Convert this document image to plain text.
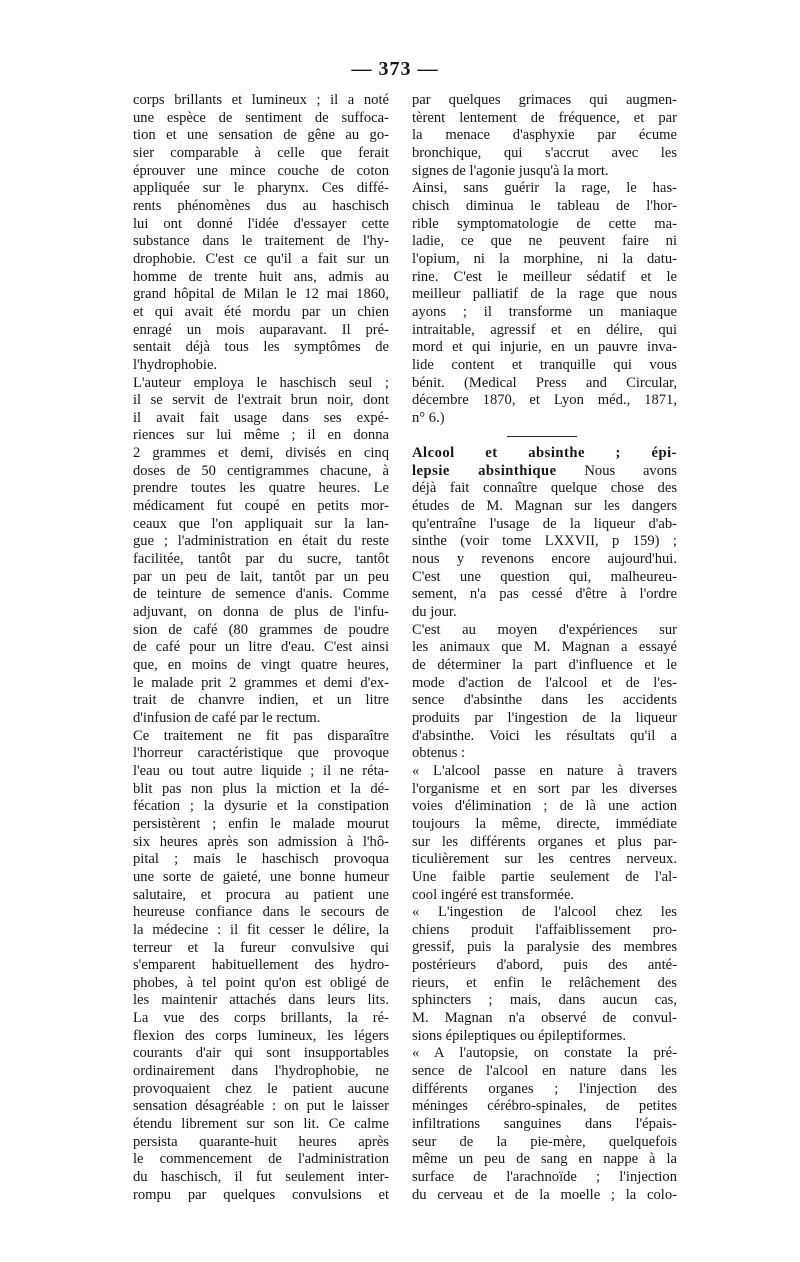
— 373 —
corps brillants et lumineux ; il a noté
une espèce de sentiment de suffoca-
tion et une sensation de gêne au go-
sier comparable à celle que ferait
éprouver une mince couche de coton
appliquée sur le pharynx. Ces diffé-
rents phénomènes dus au haschisch
lui ont donné l'idée d'essayer cette
substance dans le traitement de l'hy-
drophobie. C'est ce qu'il a fait sur un
homme de trente huit ans, admis au
grand hôpital de Milan le 12 mai 1860,
et qui avait été mordu par un chien
enragé un mois auparavant. Il pré-
sentait déjà tous les symptômes de
l'hydrophobie.
L'auteur employa le haschisch seul ;
il se servit de l'extrait brun noir, dont
il avait fait usage dans ses expé-
riences sur lui même ; il en donna
2 grammes et demi, divisés en cinq
doses de 50 centigrammes chacune, à
prendre toutes les quatre heures. Le
médicament fut coupé en petits mor-
ceaux que l'on appliquait sur la lan-
gue ; l'administration en était du reste
facilitée, tantôt par du sucre, tantôt
par un peu de lait, tantôt par un peu
de teinture de semence d'anis. Comme
adjuvant, on donna de plus de l'infu-
sion de café (80 grammes de poudre
de café pour un litre d'eau. C'est ainsi
que, en moins de vingt quatre heures,
le malade prit 2 grammes et demi d'ex-
trait de chanvre indien, et un litre
d'infusion de café par le rectum.
Ce traitement ne fit pas disparaître
l'horreur caractéristique que provoque
l'eau ou tout autre liquide ; il ne réta-
blit pas non plus la miction et la dé-
fécation ; la dysurie et la constipation
persistèrent ; enfin le malade mourut
six heures après son admission à l'hô-
pital ; mais le haschisch provoqua
une sorte de gaieté, une bonne humeur
salutaire, et procura au patient une
heureuse confiance dans le secours de
la médecine : il fit cesser le délire, la
terreur et la fureur convulsive qui
s'emparent habituellement des hydro-
phobes, à tel point qu'on est obligé de
les maintenir attachés dans leurs lits.
La vue des corps brillants, la ré-
flexion des corps lumineux, les légers
courants d'air qui sont insupportables
ordinairement dans l'hydrophobie, ne
provoquaient chez le patient aucune
sensation désagréable : on put le laisser
étendu librement sur son lit. Ce calme
persista quarante-huit heures après
le commencement de l'administration
du haschisch, il fut seulement inter-
rompu par quelques convulsions et
par quelques grimaces qui augmen-
tèrent lentement de fréquence, et par
la menace d'asphyxie par écume
bronchique, qui s'accrut avec les
signes de l'agonie jusqu'à la mort.
Ainsi, sans guérir la rage, le has-
chisch diminua le tableau de l'hor-
rible symptomatologie de cette ma-
ladie, ce que ne peuvent faire ni
l'opium, ni la morphine, ni la datu-
rine. C'est le meilleur sédatif et le
meilleur palliatif de la rage que nous
ayons ; il transforme un maniaque
intraitable, agressif et en délire, qui
mord et qui injurie, en un pauvre inva-
lide content et tranquille qui vous
bénit. (Medical Press and Circular,
décembre 1870, et Lyon méd., 1871,
n° 6.)
Alcool et absinthe ; épi-
lepsie absinthique Nous avons
déjà fait connaître quelque chose des
études de M. Magnan sur les dangers
qu'entraîne l'usage de la liqueur d'ab-
sinthe (voir tome LXXVII, p 159) ;
nous y revenons encore aujourd'hui.
C'est une question qui, malheureu-
sement, n'a pas cessé d'être à l'ordre
du jour.
C'est au moyen d'expériences sur
les animaux que M. Magnan a essayé
de déterminer la part d'influence et le
mode d'action de l'alcool et de l'es-
sence d'absinthe dans les accidents
produits par l'ingestion de la liqueur
d'absinthe. Voici les résultats qu'il a
obtenus :
« L'alcool passe en nature à travers
l'organisme et en sort par les diverses
voies d'élimination ; de là une action
toujours la même, directe, immédiate
sur les différents organes et plus par-
ticulièrement sur les centres nerveux.
Une faible partie seulement de l'al-
cool ingéré est transformée.
« L'ingestion de l'alcool chez les
chiens produit l'affaiblissement pro-
gressif, puis la paralysie des membres
postérieurs d'abord, puis des anté-
rieurs, et enfin le relâchement des
sphincters ; mais, dans aucun cas,
M. Magnan n'a observé de convul-
sions épileptiques ou épileptiformes.
« A l'autopsie, on constate la pré-
sence de l'alcool en nature dans les
différents organes ; l'injection des
méninges cérébro-spinales, de petites
infiltrations sanguines dans l'épais-
seur de la pie-mère, quelquefois
même un peu de sang en nappe à la
surface de l'arachnoïde ; l'injection
du cerveau et de la moelle ; la colo-
